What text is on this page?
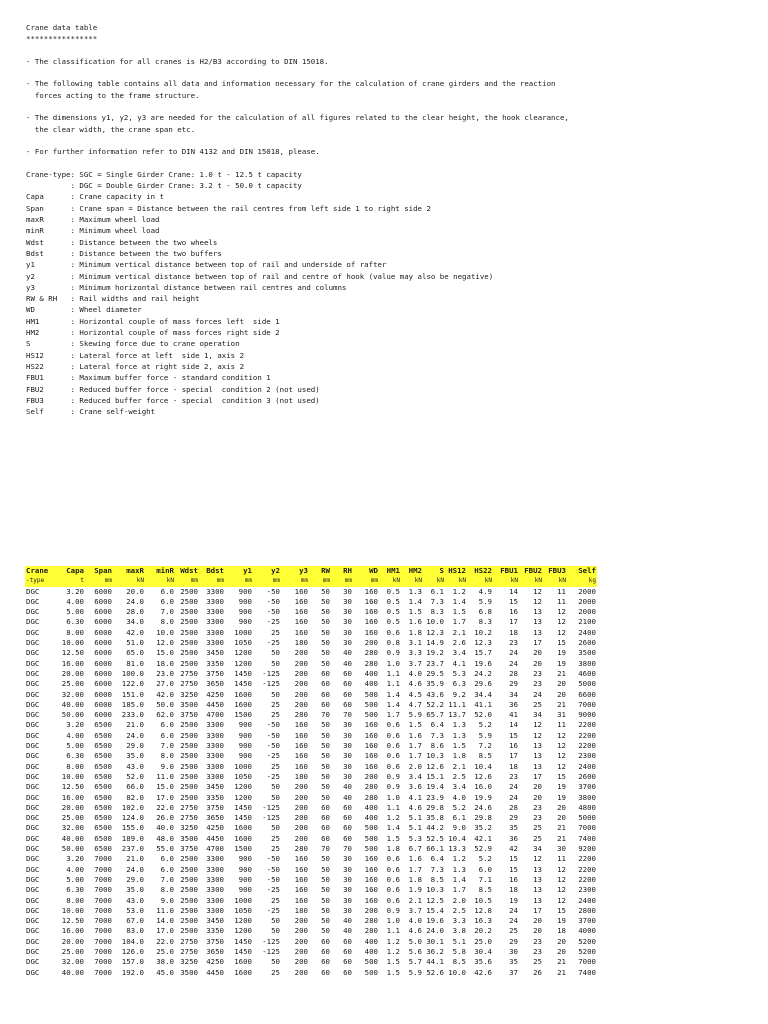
Crane data table
****************
- The classification for all cranes is H2/B3 according to DIN 15018.
- The following table contains all data and information necessary for the calculation of crane girders and the reaction
forces acting to the frame structure.
- The dimensions y1, y2, y3 are needed for the calculation of all figures related to the clear height, the hook clearance,
the clear width, the crane span etc.
- For further information refer to DIN 4132 and DIN 15018, please.
Crane-type: SGC = Single Girder Crane: 1.0 t - 12.5 t capacity
: DGC = Double Girder Crane: 3.2 t - 50.0 t capacity
Capa      : Crane capacity in t
Span      : Crane span = Distance between the rail centres from left side 1 to right side 2
maxR      : Maximum wheel load
minR      : Minimum wheel load
Wdst      : Distance between the two wheels
Bdst      : Distance between the two buffers
y1        : Minimum vertical distance between top of rail and underside of rafter
y2        : Minimum vertical distance between top of rail and centre of hook (value may also be negative)
y3        : Minimum horizontal distance between rail centres and columns
RW & RH   : Rail widths and rail height
WD        : Wheel diameter
HM1       : Horizontal couple of mass forces left  side 1
HM2       : Horizontal couple of mass forces right side 2
S         : Skewing force due to crane operation
HS12      : Lateral force at left  side 1, axis 2
HS22      : Lateral force at right side 2, axis 2
FBU1      : Maximum buffer force - standard condition 1
FBU2      : Reduced buffer force - special  condition 2 (not used)
FBU3      : Reduced buffer force - special  condition 3 (not used)
Self      : Crane self-weight
Crane	Capa	Span	maxR	minR	Wdst	Bdst	y1	y2	y3	RW	RH	WD	HM1	HM2	S	HS12	HS22	FBU1	FBU2	FBU3	Self
-type	t	mm	kN	kN	mm	mm	mm	mm	mm	mm	mm	mm	kN	kN	kN	kN	kN	kN	kN	kN	kg
DGC	3.20	6000	20.0	6.0	2500	3300	900	-50	160	50	30	160	0.5	1.3	6.1	1.2	4.9	14	12	11	2000
DGC	4.00	6000	24.0	6.0	2500	3300	900	-50	160	50	30	160	0.5	1.4	7.3	1.4	5.9	15	12	11	2000
DGC	5.00	6000	28.0	7.0	2500	3300	900	-50	160	50	30	160	0.5	1.5	8.3	1.5	6.8	16	13	12	2000
DGC	6.30	6000	34.0	8.0	2500	3300	900	-25	160	50	30	160	0.5	1.6	10.0	1.7	8.3	17	13	12	2100
DGC	8.00	6000	42.0	10.0	2500	3300	1000	25	160	50	30	160	0.6	1.8	12.3	2.1	10.2	18	13	12	2400
DGC	10.00	6000	51.0	12.0	2500	3300	1050	-25	180	50	30	200	0.8	3.1	14.9	2.6	12.3	23	17	15	2600
DGC	12.50	6000	65.0	15.0	2500	3450	1200	50	200	50	40	280	0.9	3.3	19.2	3.4	15.7	24	20	19	3500
DGC	16.00	6000	81.0	18.0	2500	3350	1200	50	200	50	40	280	1.0	3.7	23.7	4.1	19.6	24	20	19	3800
DGC	20.00	6000	100.0	23.0	2750	3750	1450	-125	200	60	60	400	1.1	4.0	29.5	5.3	24.2	28	23	21	4600
DGC	25.00	6000	122.0	27.0	2750	3650	1450	-125	200	60	60	400	1.1	4.6	35.9	6.3	29.6	29	23	20	5000
DGC	32.00	6000	151.0	42.0	3250	4250	1600	50	200	60	60	500	1.4	4.5	43.6	9.2	34.4	34	24	20	6600
DGC	40.00	6000	185.0	50.0	3500	4450	1600	25	200	60	60	500	1.4	4.7	52.2	11.1	41.1	36	25	21	7000
DGC	50.00	6000	233.0	62.0	3750	4700	1500	25	280	70	70	500	1.7	5.9	65.7	13.7	52.0	41	34	31	9000
DGC	3.20	6500	21.0	6.0	2500	3300	900	-50	160	50	30	160	0.6	1.5	6.4	1.3	5.2	14	12	11	2200
DGC	4.00	6500	24.0	6.0	2500	3300	900	-50	160	50	30	160	0.6	1.6	7.3	1.3	5.9	15	12	12	2200
DGC	5.00	6500	29.0	7.0	2500	3300	900	-50	160	50	30	160	0.6	1.7	8.6	1.5	7.2	16	13	12	2200
DGC	6.30	6500	35.0	8.0	2500	3300	900	-25	160	50	30	160	0.6	1.7	10.3	1.8	8.5	17	13	12	2300
DGC	8.00	6500	43.0	9.0	2500	3300	1000	25	160	50	30	160	0.6	2.0	12.6	2.1	10.4	18	13	12	2400
DGC	10.00	6500	52.0	11.0	2500	3300	1050	-25	180	50	30	200	0.9	3.4	15.1	2.5	12.6	23	17	15	2600
DGC	12.50	6500	66.0	15.0	2500	3450	1200	50	200	50	40	280	0.9	3.6	19.4	3.4	16.0	24	20	19	3700
DGC	16.00	6500	82.0	17.0	2500	3350	1200	50	200	50	40	280	1.0	4.1	23.9	4.0	19.9	24	20	19	3800
DGC	20.00	6500	102.0	22.0	2750	3750	1450	-125	200	60	60	400	1.1	4.6	29.8	5.2	24.6	28	23	20	4800
DGC	25.00	6500	124.0	26.0	2750	3650	1450	-125	200	60	60	400	1.2	5.1	35.8	6.1	29.8	29	23	20	5000
DGC	32.00	6500	155.0	40.0	3250	4250	1600	50	200	60	60	500	1.4	5.1	44.2	9.0	35.2	35	25	21	7000
DGC	40.00	6500	189.0	48.0	3500	4450	1600	25	200	60	60	500	1.5	5.3	52.5	10.4	42.1	36	25	21	7400
DGC	50.00	6500	237.0	55.0	3750	4700	1500	25	280	70	70	500	1.8	6.7	66.1	13.3	52.9	42	34	30	9200
DGC	3.20	7000	21.0	6.0	2500	3300	900	-50	160	50	30	160	0.6	1.6	6.4	1.2	5.2	15	12	11	2200
DGC	4.00	7000	24.0	6.0	2500	3300	900	-50	160	50	30	160	0.6	1.7	7.3	1.3	6.0	15	13	12	2200
DGC	5.00	7000	29.0	7.0	2500	3300	900	-50	160	50	30	160	0.6	1.8	8.5	1.4	7.1	16	13	12	2200
DGC	6.30	7000	35.0	8.0	2500	3300	900	-25	160	50	30	160	0.6	1.9	10.3	1.7	8.5	18	13	12	2300
DGC	8.00	7000	43.0	9.0	2500	3300	1000	25	160	50	30	160	0.6	2.1	12.5	2.0	10.5	19	13	12	2400
DGC	10.00	7000	53.0	11.0	2500	3300	1050	-25	180	50	30	200	0.9	3.7	15.4	2.5	12.8	24	17	15	2800
DGC	12.50	7000	67.0	14.0	2500	3450	1200	50	200	50	40	280	1.0	4.0	19.6	3.3	16.3	24	20	19	3700
DGC	16.00	7000	83.0	17.0	2500	3350	1200	50	200	50	40	280	1.1	4.6	24.0	3.8	20.2	25	20	18	4000
DGC	20.00	7000	104.0	22.0	2750	3750	1450	-125	200	60	60	400	1.2	5.0	30.1	5.1	25.0	29	23	20	5200
DGC	25.00	7000	126.0	25.0	2750	3650	1450	-125	200	60	60	400	1.2	5.6	36.2	5.8	30.4	30	23	20	5200
DGC	32.00	7000	157.0	38.0	3250	4250	1600	50	200	60	60	500	1.5	5.7	44.1	8.5	35.6	35	25	21	7000
DGC	40.00	7000	192.0	45.0	3500	4450	1600	25	200	60	60	500	1.5	5.9	52.6	10.0	42.6	37	26	21	7400
